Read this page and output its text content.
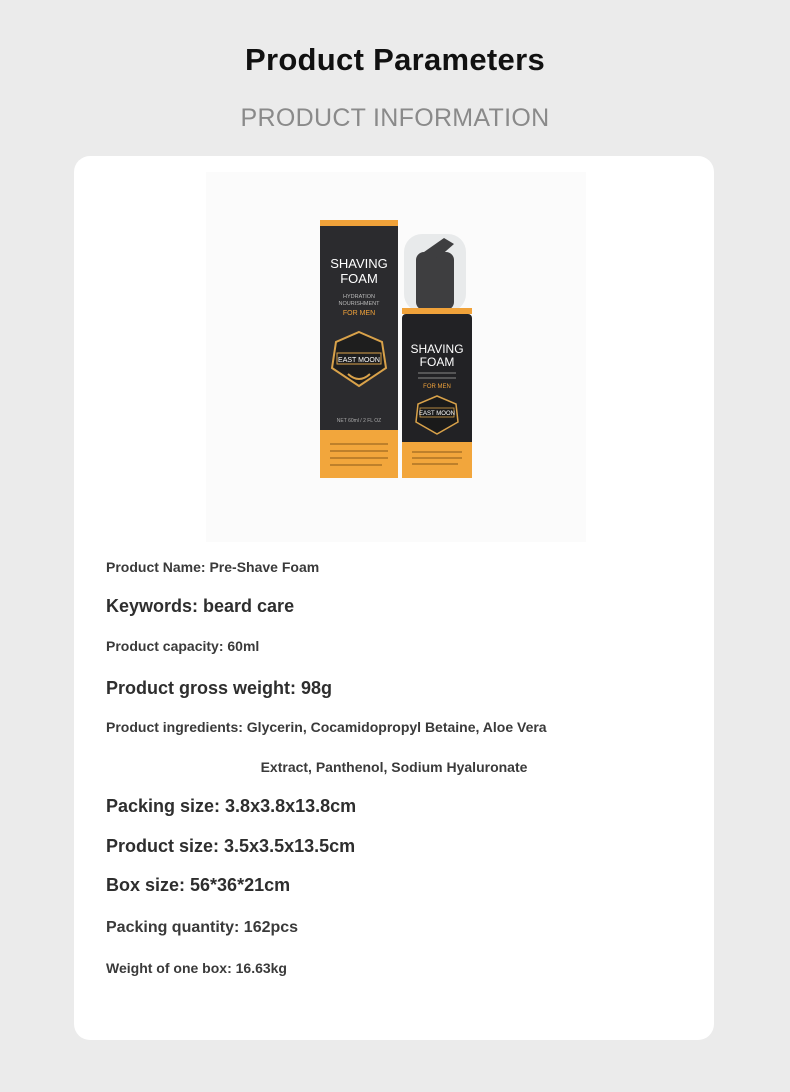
Product Parameters
PRODUCT INFORMATION
SHAVING
FOAM
HYDRATION
NOURISHMENT
FOR MEN
EAST MOON
NET 60ml / 2 FL OZ
SHAVING
FOAM
FOR MEN
EAST MOON
Product Name: Pre-Shave Foam
Keywords: beard care
Product capacity: 60ml
Product gross weight: 98g
Product ingredients: Glycerin, Cocamidopropyl Betaine, Aloe Vera
Extract, Panthenol, Sodium Hyaluronate
Packing size: 3.8x3.8x13.8cm
Product size: 3.5x3.5x13.5cm
Box size: 56*36*21cm
Packing quantity: 162pcs
Weight of one box: 16.63kg
